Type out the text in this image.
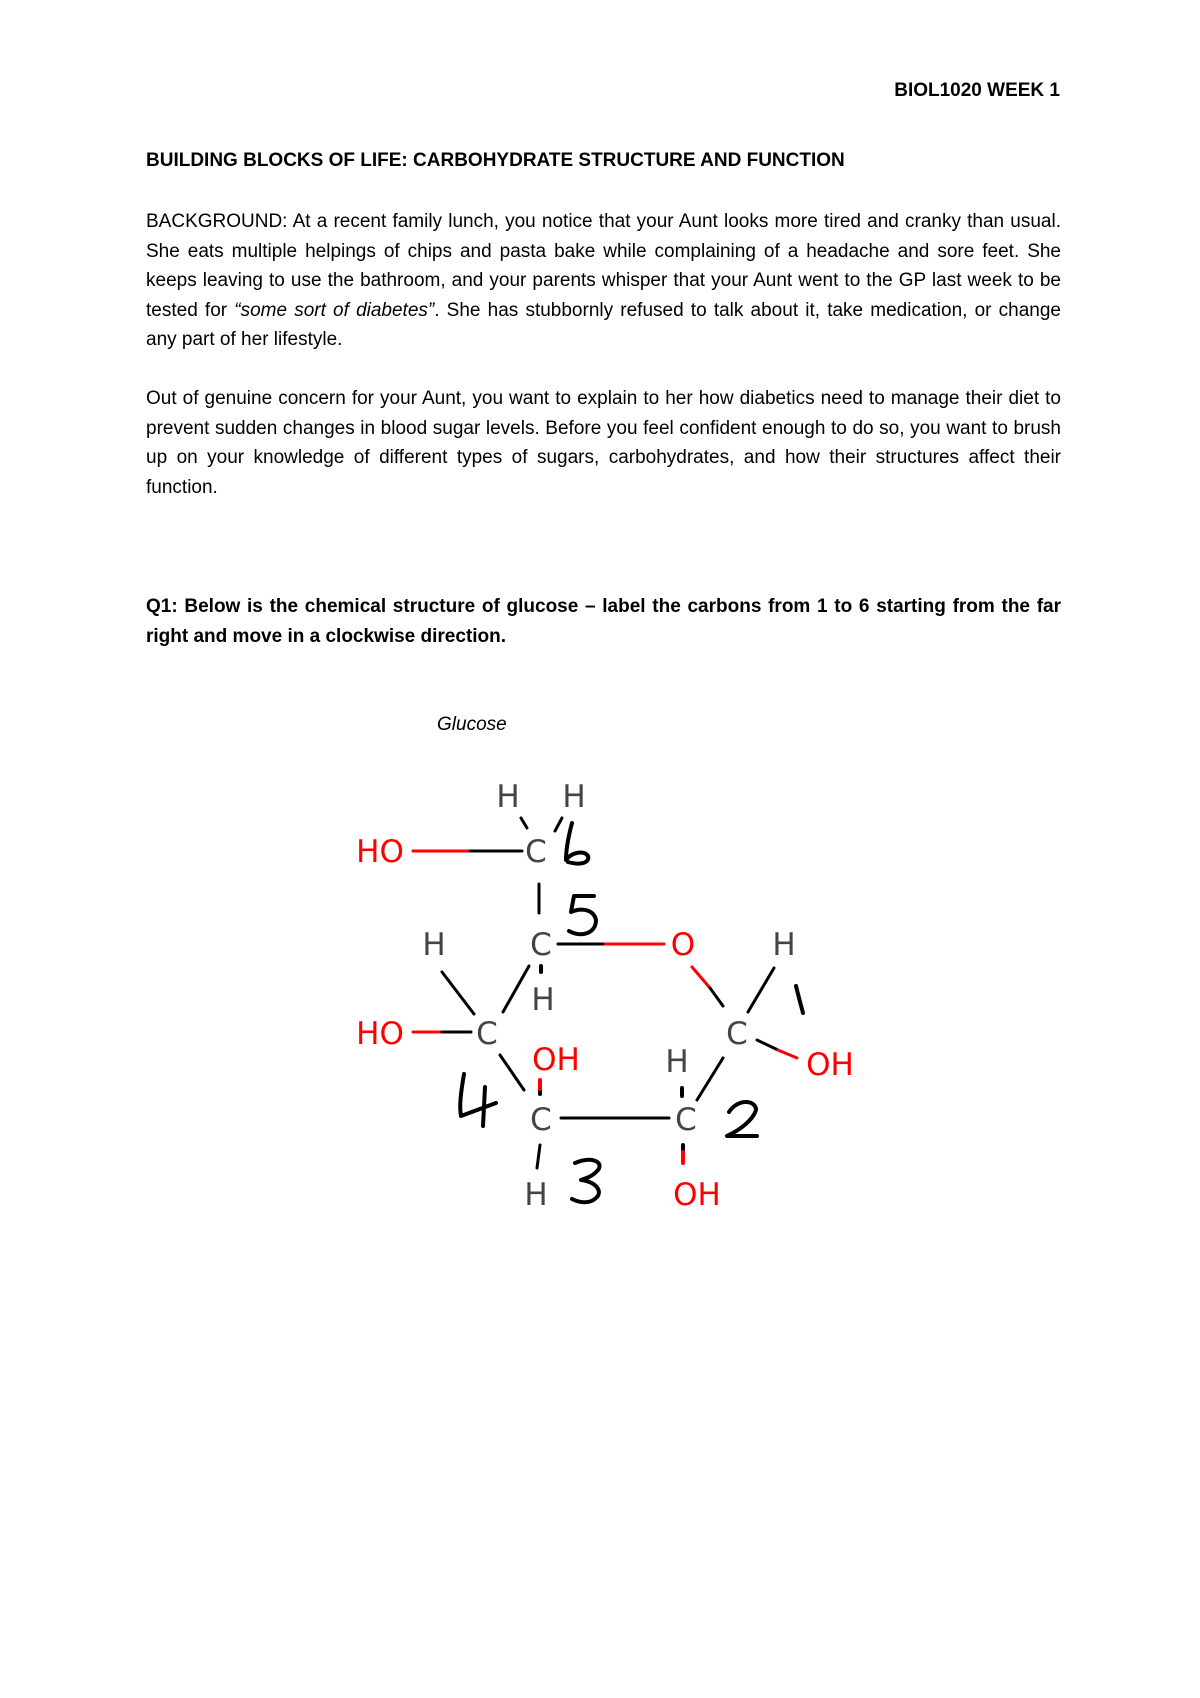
BIOL1020 WEEK 1
BUILDING BLOCKS OF LIFE: CARBOHYDRATE STRUCTURE AND FUNCTION
BACKGROUND: At a recent family lunch, you notice that your Aunt looks more tired and cranky than usual. She eats multiple helpings of chips and pasta bake while complaining of a headache and sore feet. She keeps leaving to use the bathroom, and your parents whisper that your Aunt went to the GP last week to be tested for “some sort of diabetes”. She has stubbornly refused to talk about it, take medication, or change any part of her lifestyle.
Out of genuine concern for your Aunt, you want to explain to her how diabetics need to manage their diet to prevent sudden changes in blood sugar levels. Before you feel confident enough to do so, you want to brush up on your knowledge of different types of sugars, carbohydrates, and how their structures affect their function.
Q1: Below is the chemical structure of glucose – label the carbons from 1 to 6 starting from the far right and move in a clockwise direction.
Glucose
H H
HO	C
H	C	O H
H
HO C	C
OH	H	OH
C	C
H	OH
